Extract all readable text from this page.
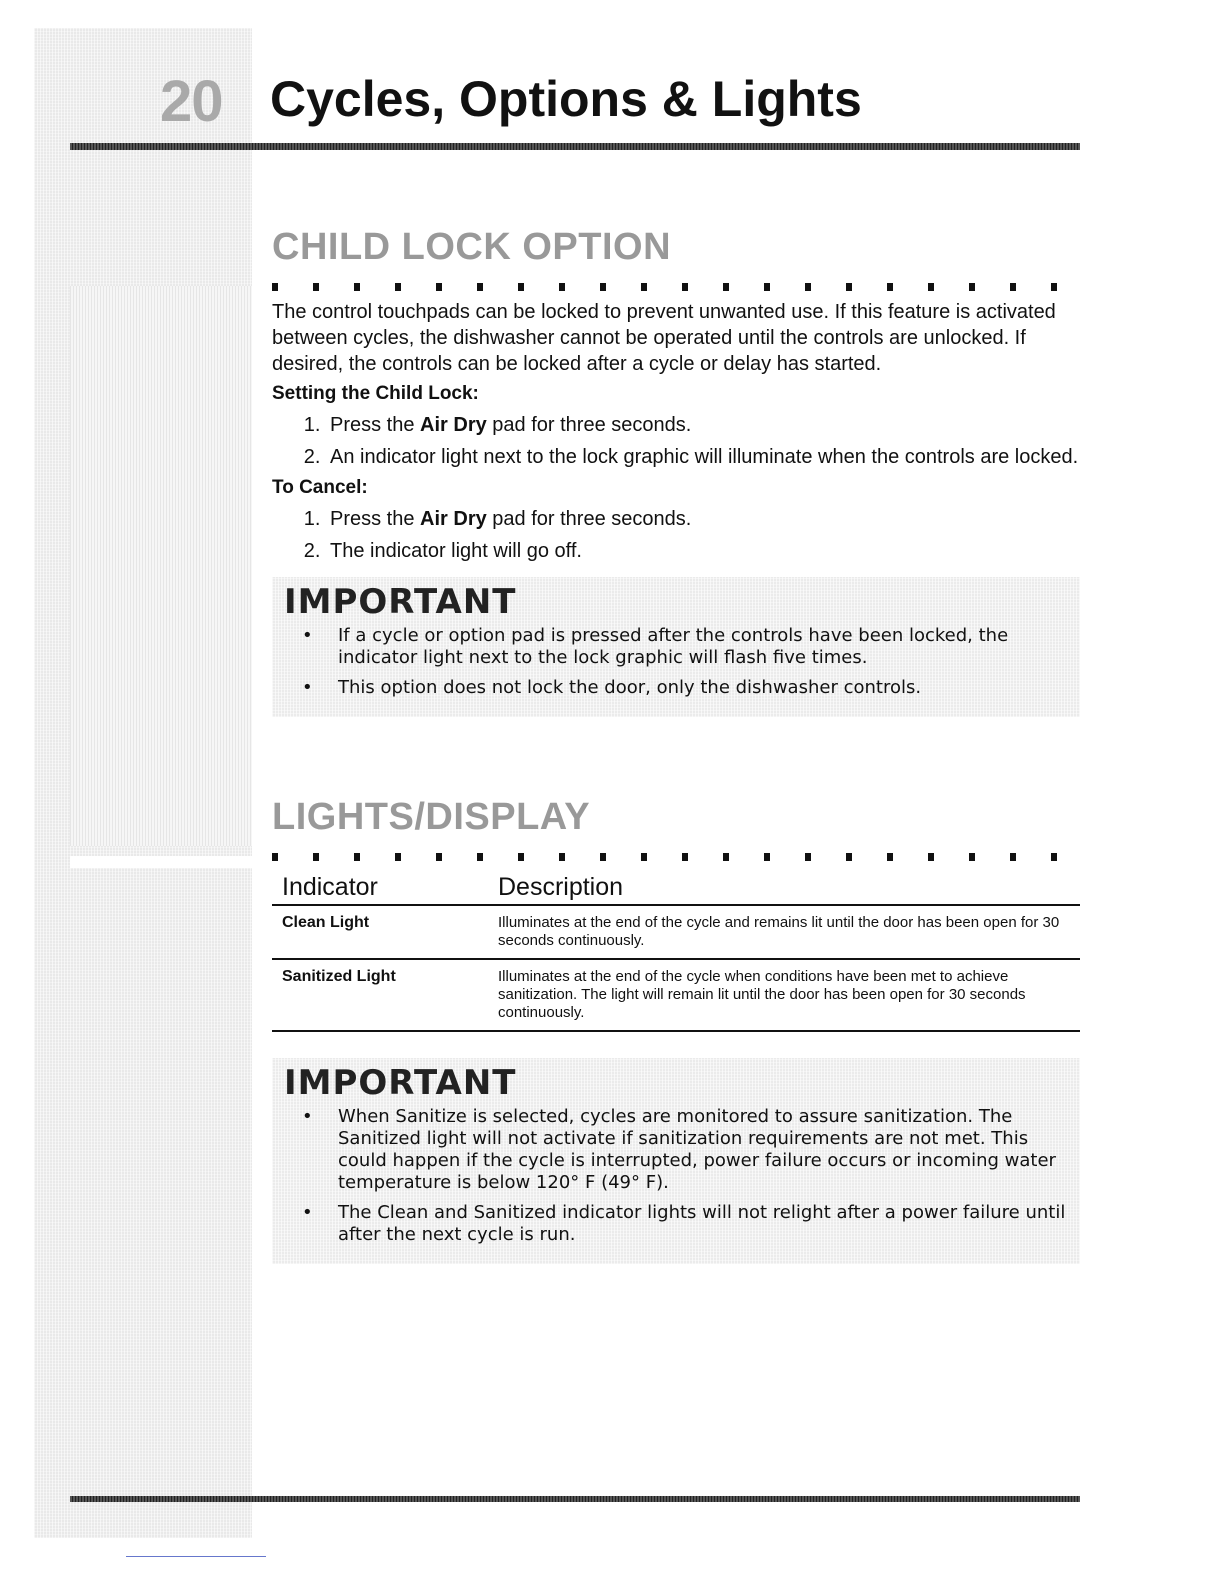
20 Cycles, Options & Lights
CHILD LOCK OPTION

The control touchpads can be locked to prevent unwanted use. If this feature is activated between cycles, the dishwasher cannot be operated until the controls are unlocked. If desired, the controls can be locked after a cycle or delay has started.

Setting the Child Lock:
1. Press the Air Dry pad for three seconds.
2. An indicator light next to the lock graphic will illuminate when the controls are locked.
To Cancel:
1. Press the Air Dry pad for three seconds.
2. The indicator light will go off.
IMPORTANT
• If a cycle or option pad is pressed after the controls have been locked, the indicator light next to the lock graphic will flash five times.
• This option does not lock the door, only the dishwasher controls.
LIGHTS/DISPLAY
Indicator	Description
Clean Light	Illuminates at the end of the cycle and remains lit until the door has been open for 30 seconds continuously.
Sanitized Light	Illuminates at the end of the cycle when conditions have been met to achieve sanitization. The light will remain lit until the door has been open for 30 seconds continuously.
IMPORTANT
• When Sanitize is selected, cycles are monitored to assure sanitization. The Sanitized light will not activate if sanitization requirements are not met. This could happen if the cycle is interrupted, power failure occurs or incoming water temperature is below 120° F (49° F).
• The Clean and Sanitized indicator lights will not relight after a power failure until after the next cycle is run.
